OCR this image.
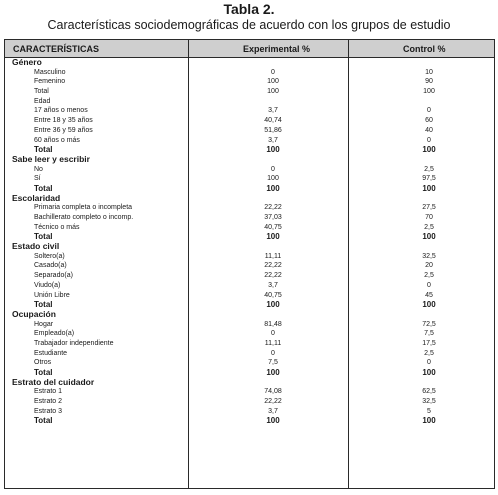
Tabla 2.
Características sociodemográficas de acuerdo con los grupos de estudio
CARACTERÍSTICAS	Experimental %	Control %
Género
Masculino	0	10
Femenino	100	90
Total	100	100
Edad
17 años o menos	3,7	0
Entre 18 y 35 años	40,74	60
Entre 36 y 59 años	51,86	40
60 años o más	3,7	0
Total	100	100
Sabe leer y escribir
No	0	2,5
Sí	100	97,5
Total	100	100
Escolaridad
Primaria completa o incompleta	22,22	27,5
Bachillerato completo o incomp.	37,03	70
Técnico o más	40,75	2,5
Total	100	100
Estado civil
Soltero(a)	11,11	32,5
Casado(a)	22,22	20
Separado(a)	22,22	2,5
Viudo(a)	3,7	0
Unión Libre	40,75	45
Total	100	100
Ocupación
Hogar	81,48	72,5
Empleado(a)	0	7,5
Trabajador independiente	11,11	17,5
Estudiante	0	2,5
Otros	7,5	0
Total	100	100
Estrato del cuidador
Estrato 1	74,08	62,5
Estrato 2	22,22	32,5
Estrato 3	3,7	5
Total	100	100
